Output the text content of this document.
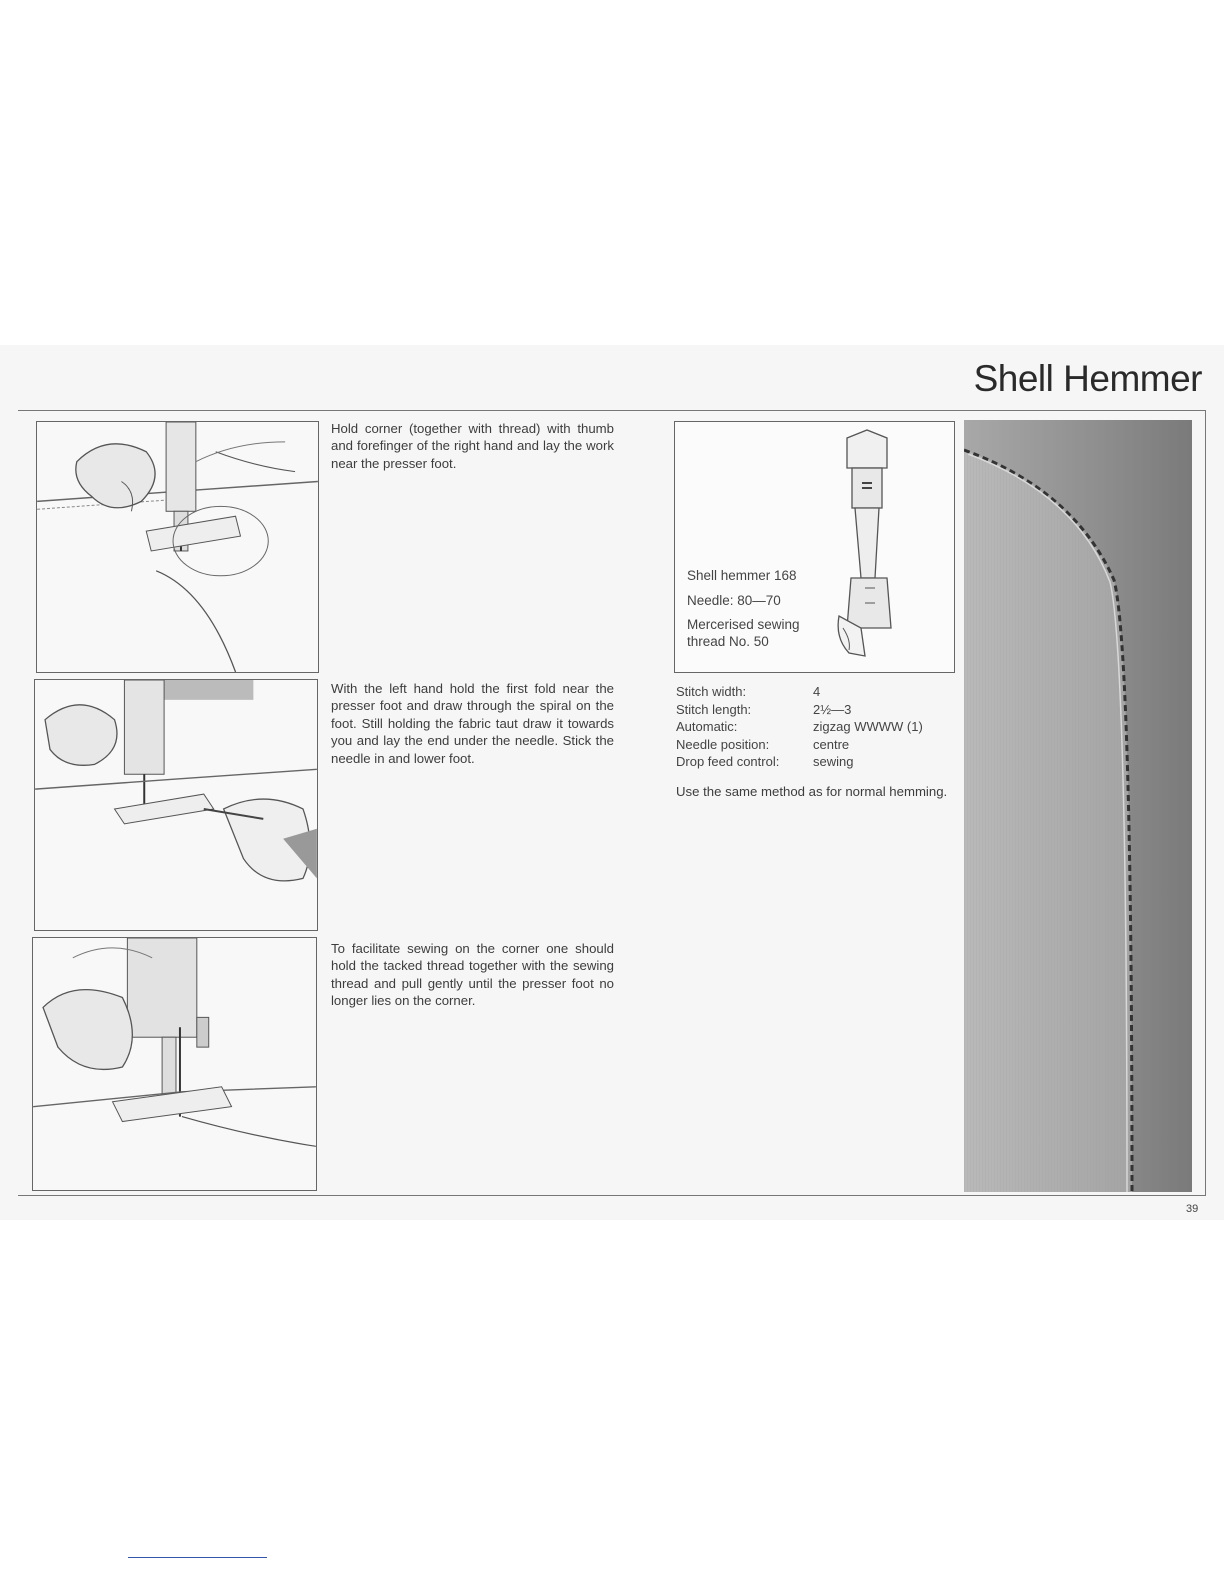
Shell Hemmer

Hold corner (together with thread) with thumb and forefinger of the right hand and lay the work near the presser foot.

With the left hand hold the first fold near the presser foot and draw through the spiral on the foot. Still holding the fabric taut draw it towards you and lay the end under the needle. Stick the needle in and lower foot.

To facilitate sewing on the corner one should hold the tacked thread together with the sewing thread and pull gently until the presser foot no longer lies on the corner.

Shell hemmer 168
Needle: 80—70
Mercerised sewing
thread No. 50
Stitch width:	4
Stitch length:	2½—3
Automatic:	zigzag WWWW (1)
Needle position:	centre
Drop feed control:	sewing

Use the same method as for normal hemming.

39
